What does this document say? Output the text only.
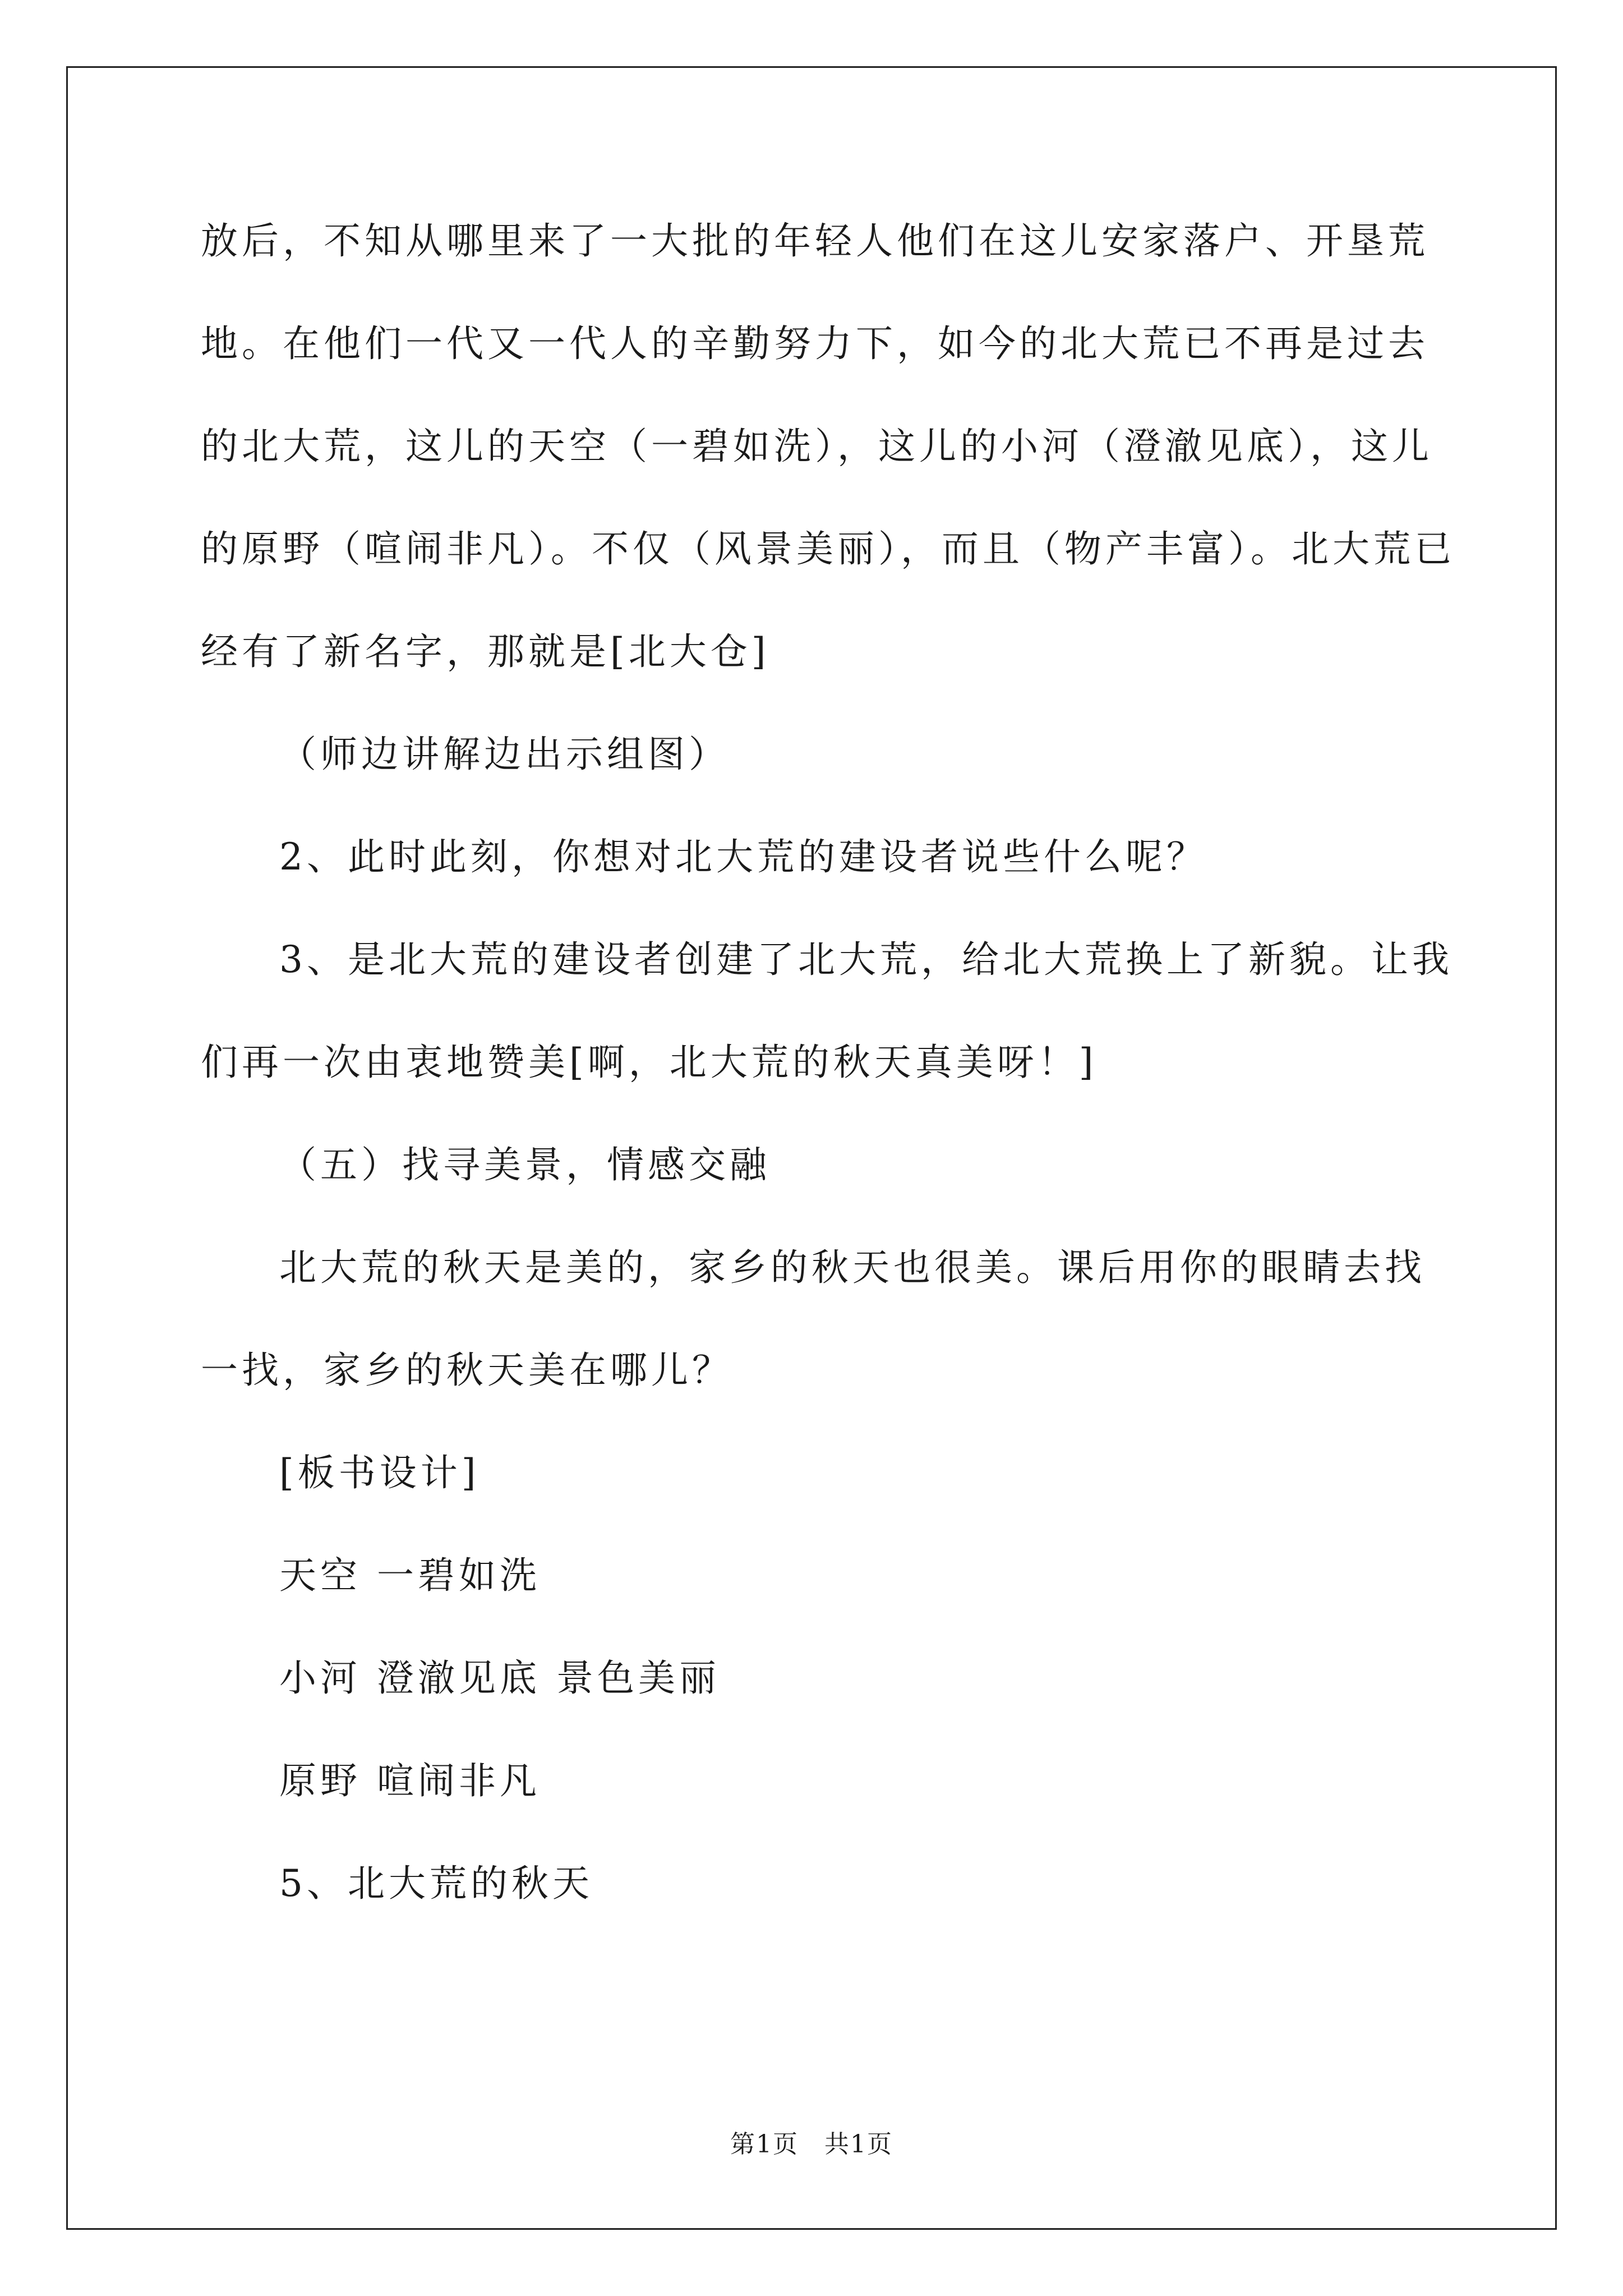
放后，不知从哪里来了一大批的年轻人他们在这儿安家落户、开垦荒
地。在他们一代又一代人的辛勤努力下，如今的北大荒已不再是过去
的北大荒，这儿的天空（一碧如洗），这儿的小河（澄澈见底），这儿
的原野（喧闹非凡）。不仅（风景美丽），而且（物产丰富）。北大荒已
经有了新名字，那就是[北大仓]
（师边讲解边出示组图）
2、此时此刻，你想对北大荒的建设者说些什么呢？
3、是北大荒的建设者创建了北大荒，给北大荒换上了新貌。让我
们再一次由衷地赞美[啊，北大荒的秋天真美呀！]
（五）找寻美景，情感交融
北大荒的秋天是美的，家乡的秋天也很美。课后用你的眼睛去找
一找，家乡的秋天美在哪儿？
[板书设计]
天空 一碧如洗
小河 澄澈见底 景色美丽
原野 喧闹非凡
5、北大荒的秋天
第1页　共1页
